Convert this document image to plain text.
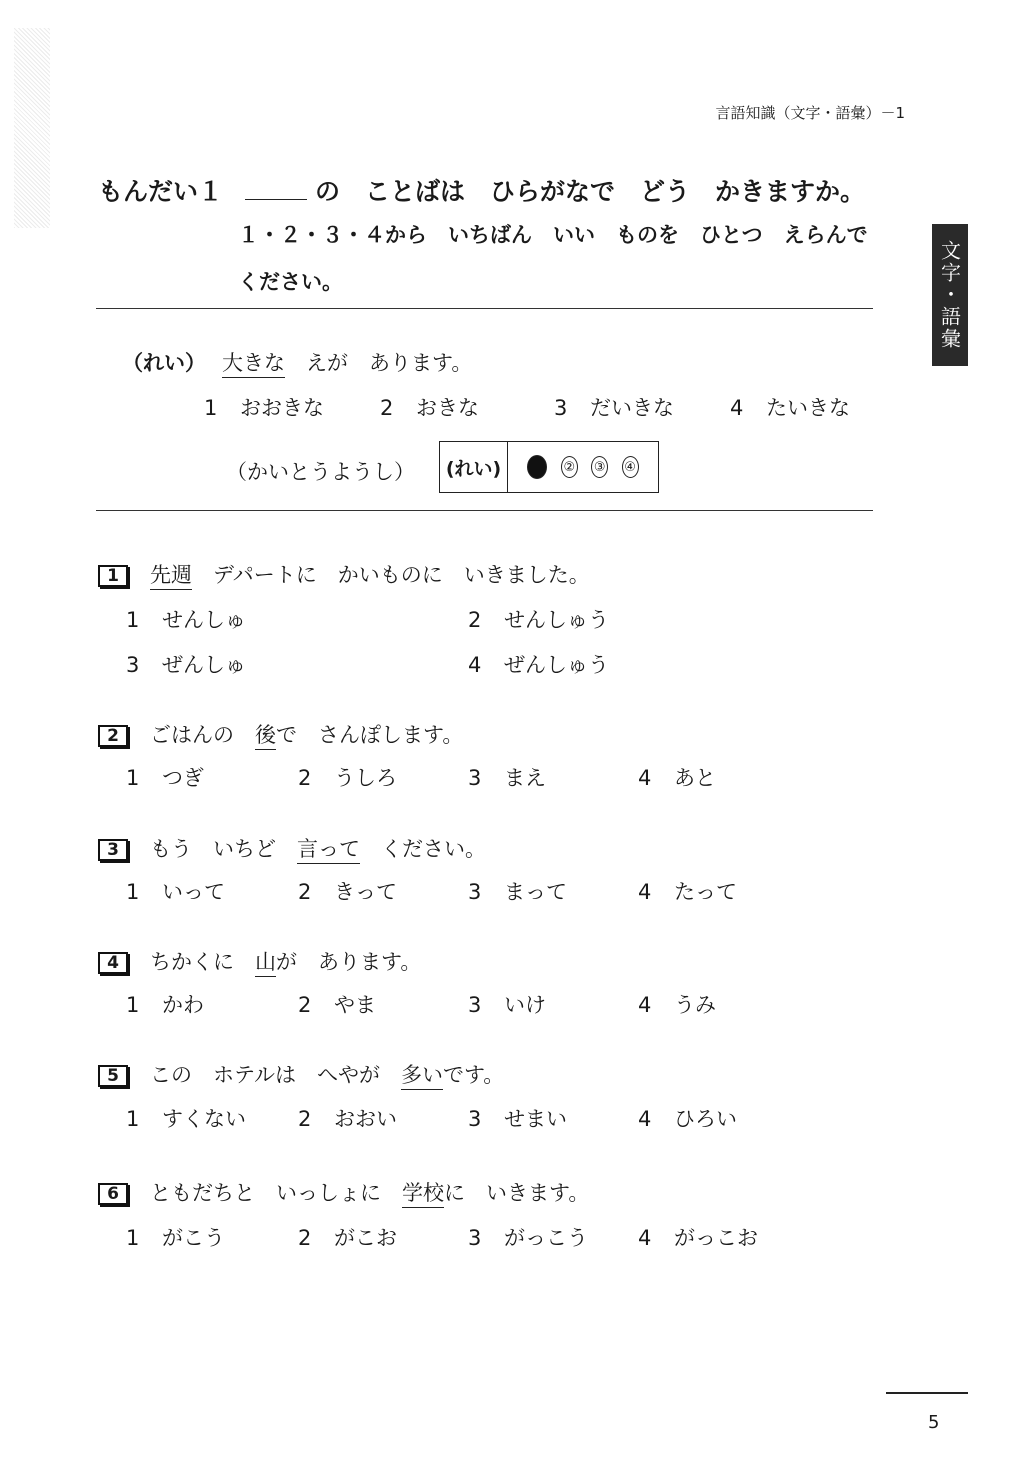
言語知識（文字・語彙）－1
文字・語彙
もんだい１	の　ことばは　ひらがなで　どう　かきますか。
１・２・３・４から　いちばん　いい　ものを　ひとつ　えらんで
ください。
（れい） 大きな　 えが　あります。
1 おおきな	2 おきな	3 だいきな	4 たいきな
（かいとうようし）	(れい)	② ③ ④
1 先週　 デパートに　かいものに　いきました。
1 せんしゅ	2 せんしゅう
3 ぜんしゅ	4 ぜんしゅう
2 ごはんの　後で　さんぽします。
1 つぎ	2 うしろ	3 まえ	4 あと
3 もう　いちど　言って　 ください。
1 いって	2 きって	3 まって	4 たって
4 ちかくに　山が　あります。
1 かわ	2 やま	3 いけ	4 うみ
5 この　ホテルは　へやが　多いです。
1 すくない 2 おおい	3 せまい	4 ひろい
6 ともだちと　いっしょに　学校に　いきます。
1 がこう	2 がこお	3 がっこう 4 がっこお
5
